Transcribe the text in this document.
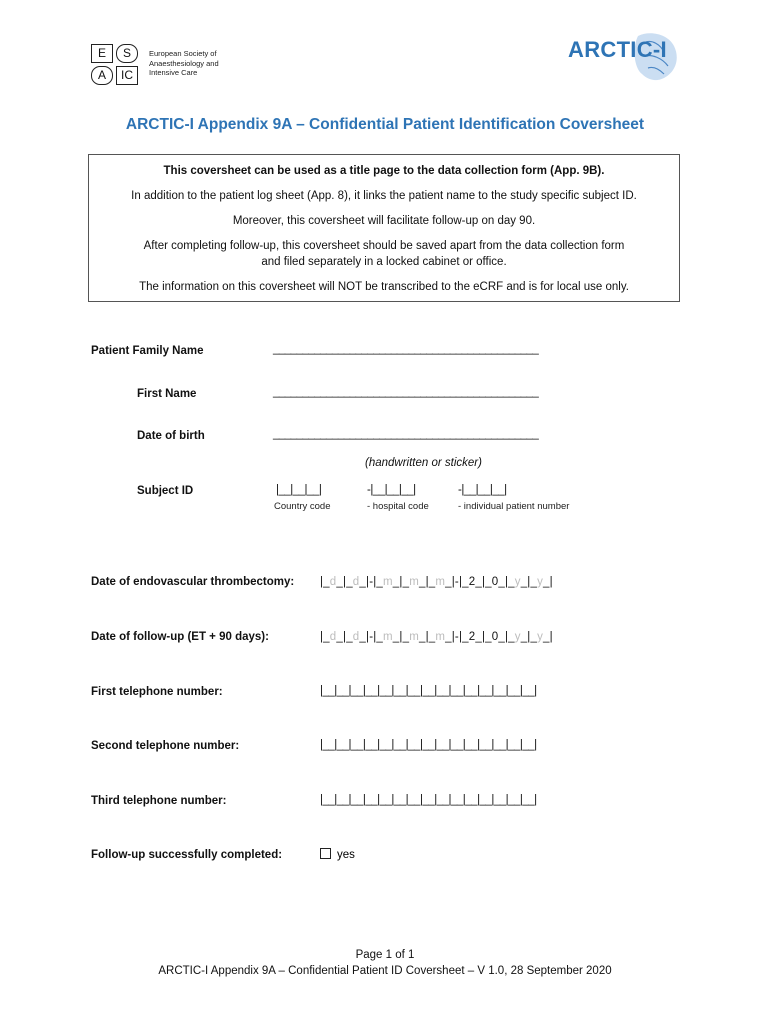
E	S
A	IC
European Society of
Anaesthesiology and
Intensive Care
ARCTIC-I
ARCTIC-I Appendix 9A – Confidential Patient Identification Coversheet

This coversheet can be used as a title page to the data collection form (App. 9B).

In addition to the patient log sheet (App. 8), it links the patient name to the study specific subject ID.

Moreover, this coversheet will facilitate follow-up on day 90.

After completing follow-up, this coversheet should be saved apart from the data collection form

and filed separately in a locked cabinet or office.

The information on this coversheet will NOT be transcribed to the eCRF and is for local use only.

Patient Family Name	_____________________________________________
First Name	_____________________________________________
Date of birth	_____________________________________________
(handwritten or sticker)
Subject ID	|__|__|__|	-|__|__|__|	-|__|__|__|
Country code	- hospital code	- individual patient number
Date of endovascular thrombectomy: |_d_|_d_|-|_m_|_m_|_m_|-|_2_|_0_|_y_|_y_|
Date of follow-up (ET + 90 days):	|_d_|_d_|-|_m_|_m_|_m_|-|_2_|_0_|_y_|_y_|
First telephone number:	|__|__|__|__|__|__|__|__|__|__|__|__|__|__|__|
Second telephone number:	|__|__|__|__|__|__|__|__|__|__|__|__|__|__|__|
Third telephone number:	|__|__|__|__|__|__|__|__|__|__|__|__|__|__|__|
Follow-up successfully completed:	yes
Page 1 of 1
ARCTIC-I Appendix 9A – Confidential Patient ID Coversheet – V 1.0, 28 September 2020
